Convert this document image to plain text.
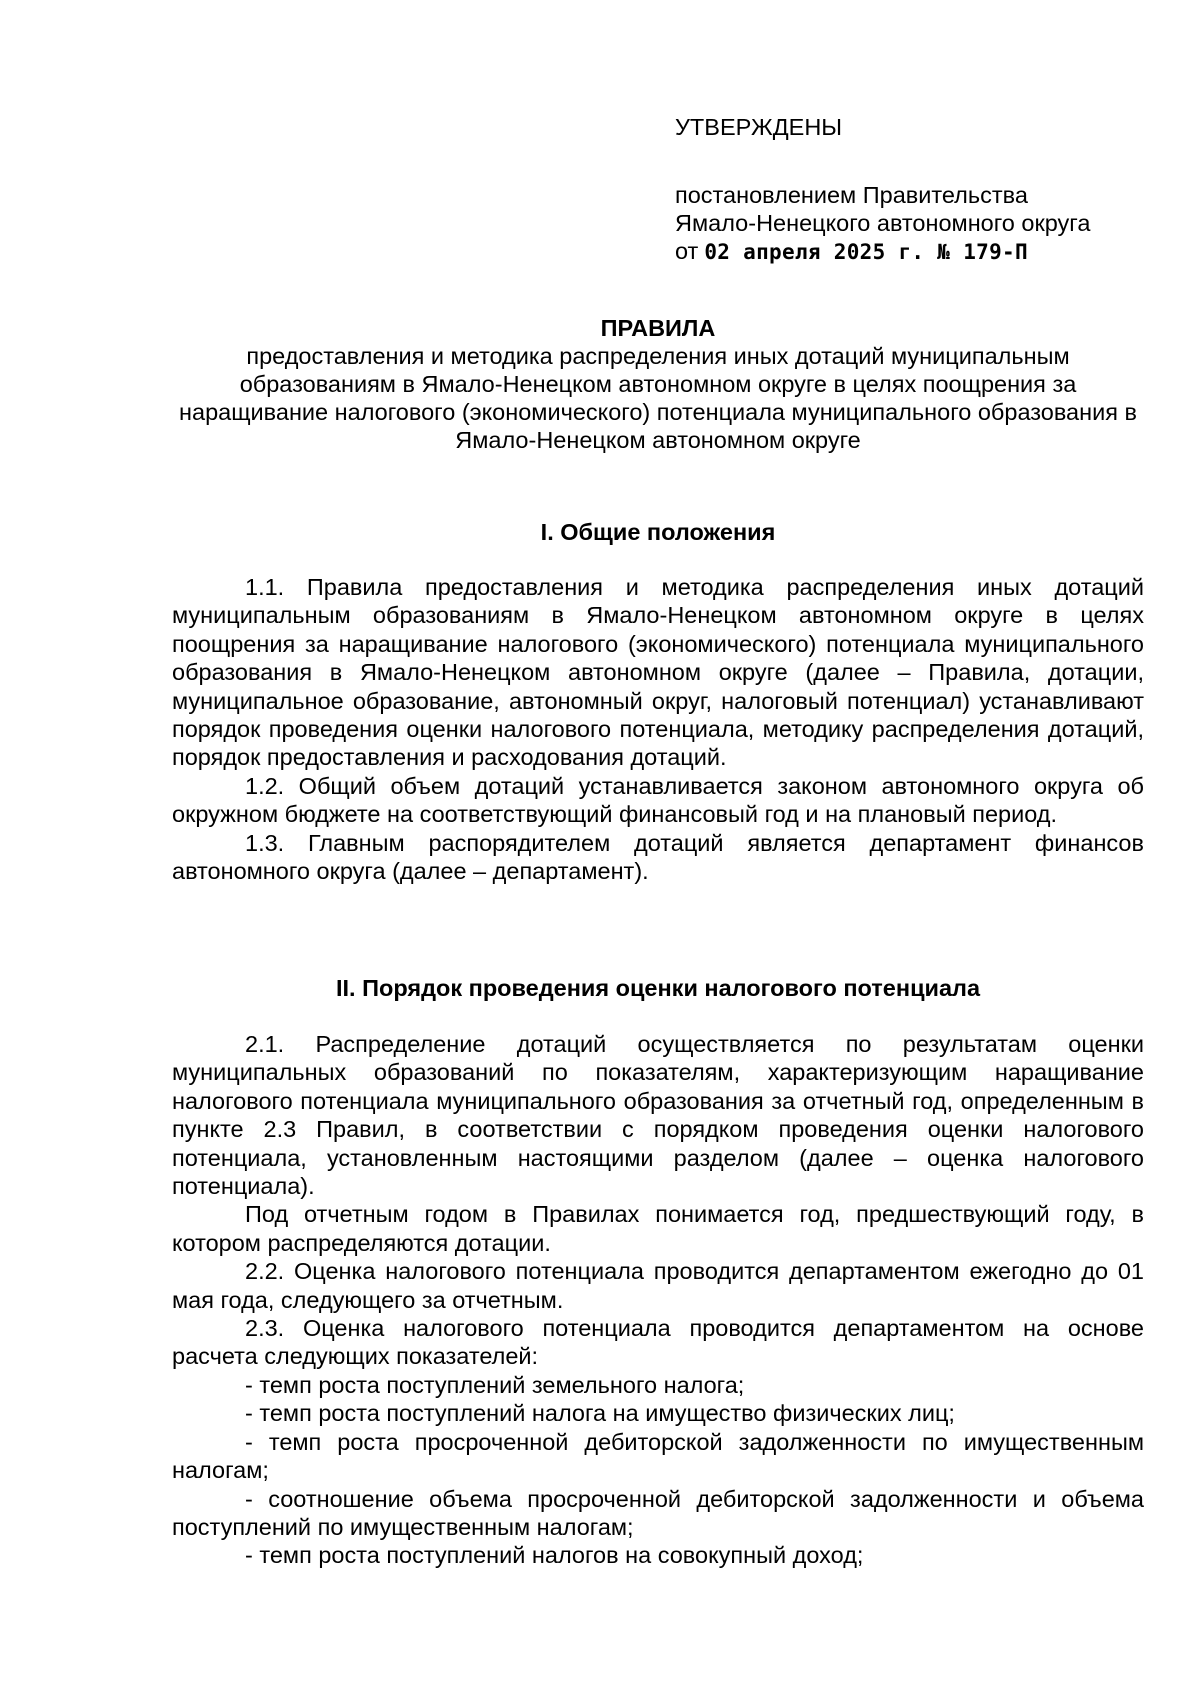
УТВЕРЖДЕНЫ
постановлением Правительства
Ямало-Ненецкого автономного округа
от 02 апреля 2025 г. № 179-П
ПРАВИЛА
предоставления и методика распределения иных дотаций муниципальным образованиям в Ямало-Ненецком автономном округе в целях поощрения за наращивание налогового (экономического) потенциала муниципального образования в Ямало-Ненецком автономном округе
I. Общие положения

1.1. Правила предоставления и методика распределения иных дотаций муниципальным образованиям в Ямало-Ненецком автономном округе в целях поощрения за наращивание налогового (экономического) потенциала муниципального образования в Ямало-Ненецком автономном округе (далее – Правила, дотации, муниципальное образование, автономный округ, налоговый потенциал) устанавливают порядок проведения оценки налогового потенциала, методику распределения дотаций, порядок предоставления и расходования дотаций.

1.2. Общий объем дотаций устанавливается законом автономного округа об окружном бюджете на соответствующий финансовый год и на плановый период.

1.3. Главным распорядителем дотаций является департамент финансов автономного округа (далее – департамент).

II. Порядок проведения оценки налогового потенциала

2.1. Распределение дотаций осуществляется по результатам оценки муниципальных образований по показателям, характеризующим наращивание налогового потенциала муниципального образования за отчетный год, определенным в пункте 2.3 Правил, в соответствии с порядком проведения оценки налогового потенциала, установленным настоящими разделом (далее – оценка налогового потенциала).

Под отчетным годом в Правилах понимается год, предшествующий году, в котором распределяются дотации.

2.2. Оценка налогового потенциала проводится департаментом ежегодно до 01 мая года, следующего за отчетным.

2.3. Оценка налогового потенциала проводится департаментом на основе расчета следующих показателей:

- темп роста поступлений земельного налога;

- темп роста поступлений налога на имущество физических лиц;

- темп роста просроченной дебиторской задолженности по имущественным налогам;

- соотношение объема просроченной дебиторской задолженности и объема поступлений по имущественным налогам;

- темп роста поступлений налогов на совокупный доход;
